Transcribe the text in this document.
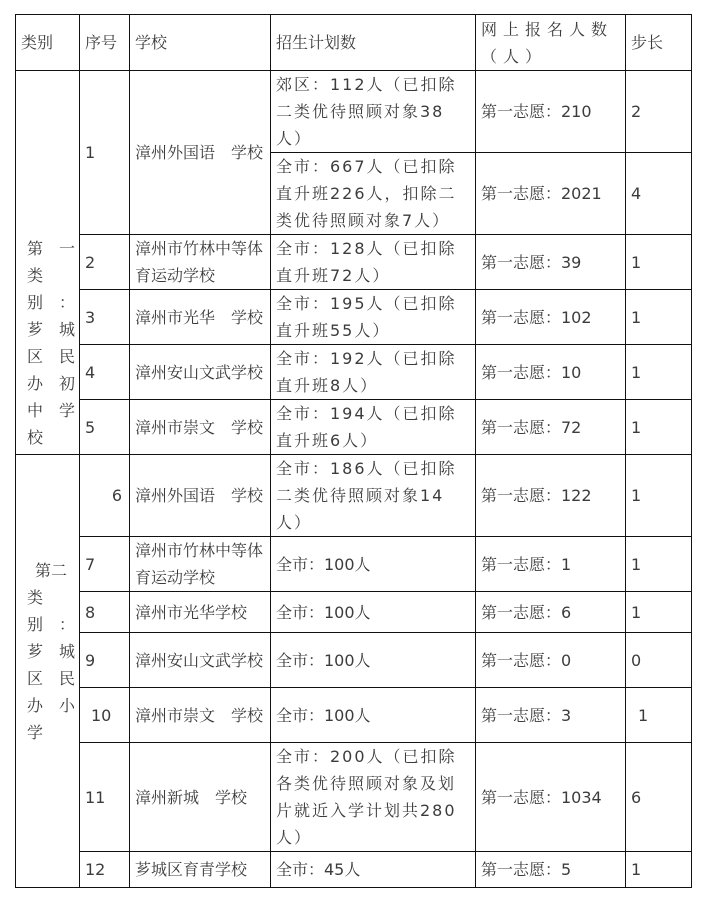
类别	序号	学校	招生计划数	网上报名人数（人）	步长

第 一
类
别 ：
芗 城
区 民
办 初
中 学
校
	1	漳州外国语　学校	郊区：112人（已扣除二类优待照顾对象38人）	第一志愿：210	2
			全市：667人（已扣除直升班226人，扣除二类优待照顾对象7人）	第一志愿：2021	4
	2	漳州市竹林中等体育运动学校	全市：128人（已扣除直升班72人）	第一志愿：39	1
	3	漳州市光华　学校	全市：195人（已扣除直升班55人）	第一志愿：102	1
	4	漳州安山文武学校	全市：192人（已扣除直升班8人）	第一志愿：10	1
	5	漳州市崇文　学校	全市：194人（已扣除直升班6人）	第一志愿：72	1

第二
类
别 ：
芗 城
区 民
办 小
学
	6	漳州外国语　学校	全市：186人（已扣除二类优待照顾对象14人）	第一志愿：122	1
	7	漳州市竹林中等体育运动学校	全市：100人	第一志愿：1	1
	8	漳州市光华学校	全市：100人	第一志愿：6	1
	9	漳州安山文武学校	全市：100人	第一志愿：0	0
	10	漳州市崇文　学校	全市：100人	第一志愿：3	1
	11	漳州新城　学校	全市：200人（已扣除各类优待照顾对象及划片就近入学计划共280人）	第一志愿：1034	6
	12	芗城区育青学校	全市：45人	第一志愿：5	1
